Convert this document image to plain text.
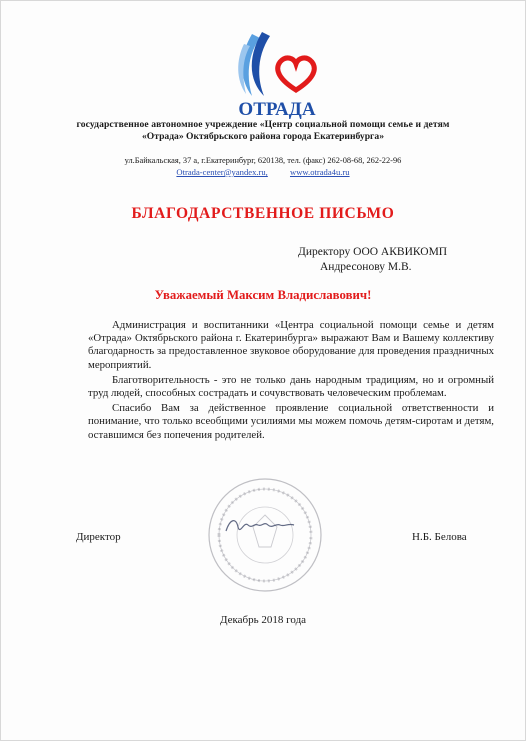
ОТРАДА
государственное автономное учреждение «Центр социальной помощи семье и детям
«Отрада» Октябрьского района города Екатеринбурга»
ул.Байкальская, 37 а, г.Екатеринбург, 620138, тел. (факс) 262-08-68, 262-22-96
Otrada-center@yandex.ru,	www.otrada4u.ru
БЛАГОДАРСТВЕННОЕ ПИСЬМО
Директору ООО АКВИКОМП
Андресонову М.В.
Уважаемый Максим Владиславович!

Администрация и воспитанники «Центра социальной помощи семье и детям «Отрада» Октябрьского района г. Екатеринбурга» выражают Вам и Вашему коллективу благодарность за предоставленное звуковое оборудование для проведения праздничных мероприятий.

Благотворительность - это не только дань народным традициям, но и огромный труд людей, способных сострадать и сочувствовать человеческим проблемам.

Спасибо Вам за действенное проявление социальной ответственности и понимание, что только всеобщими усилиями мы можем помочь детям-сиротам и детям, оставшимся без попечения родителей.

Директор	Н.Б. Белова
Декабрь 2018 года
